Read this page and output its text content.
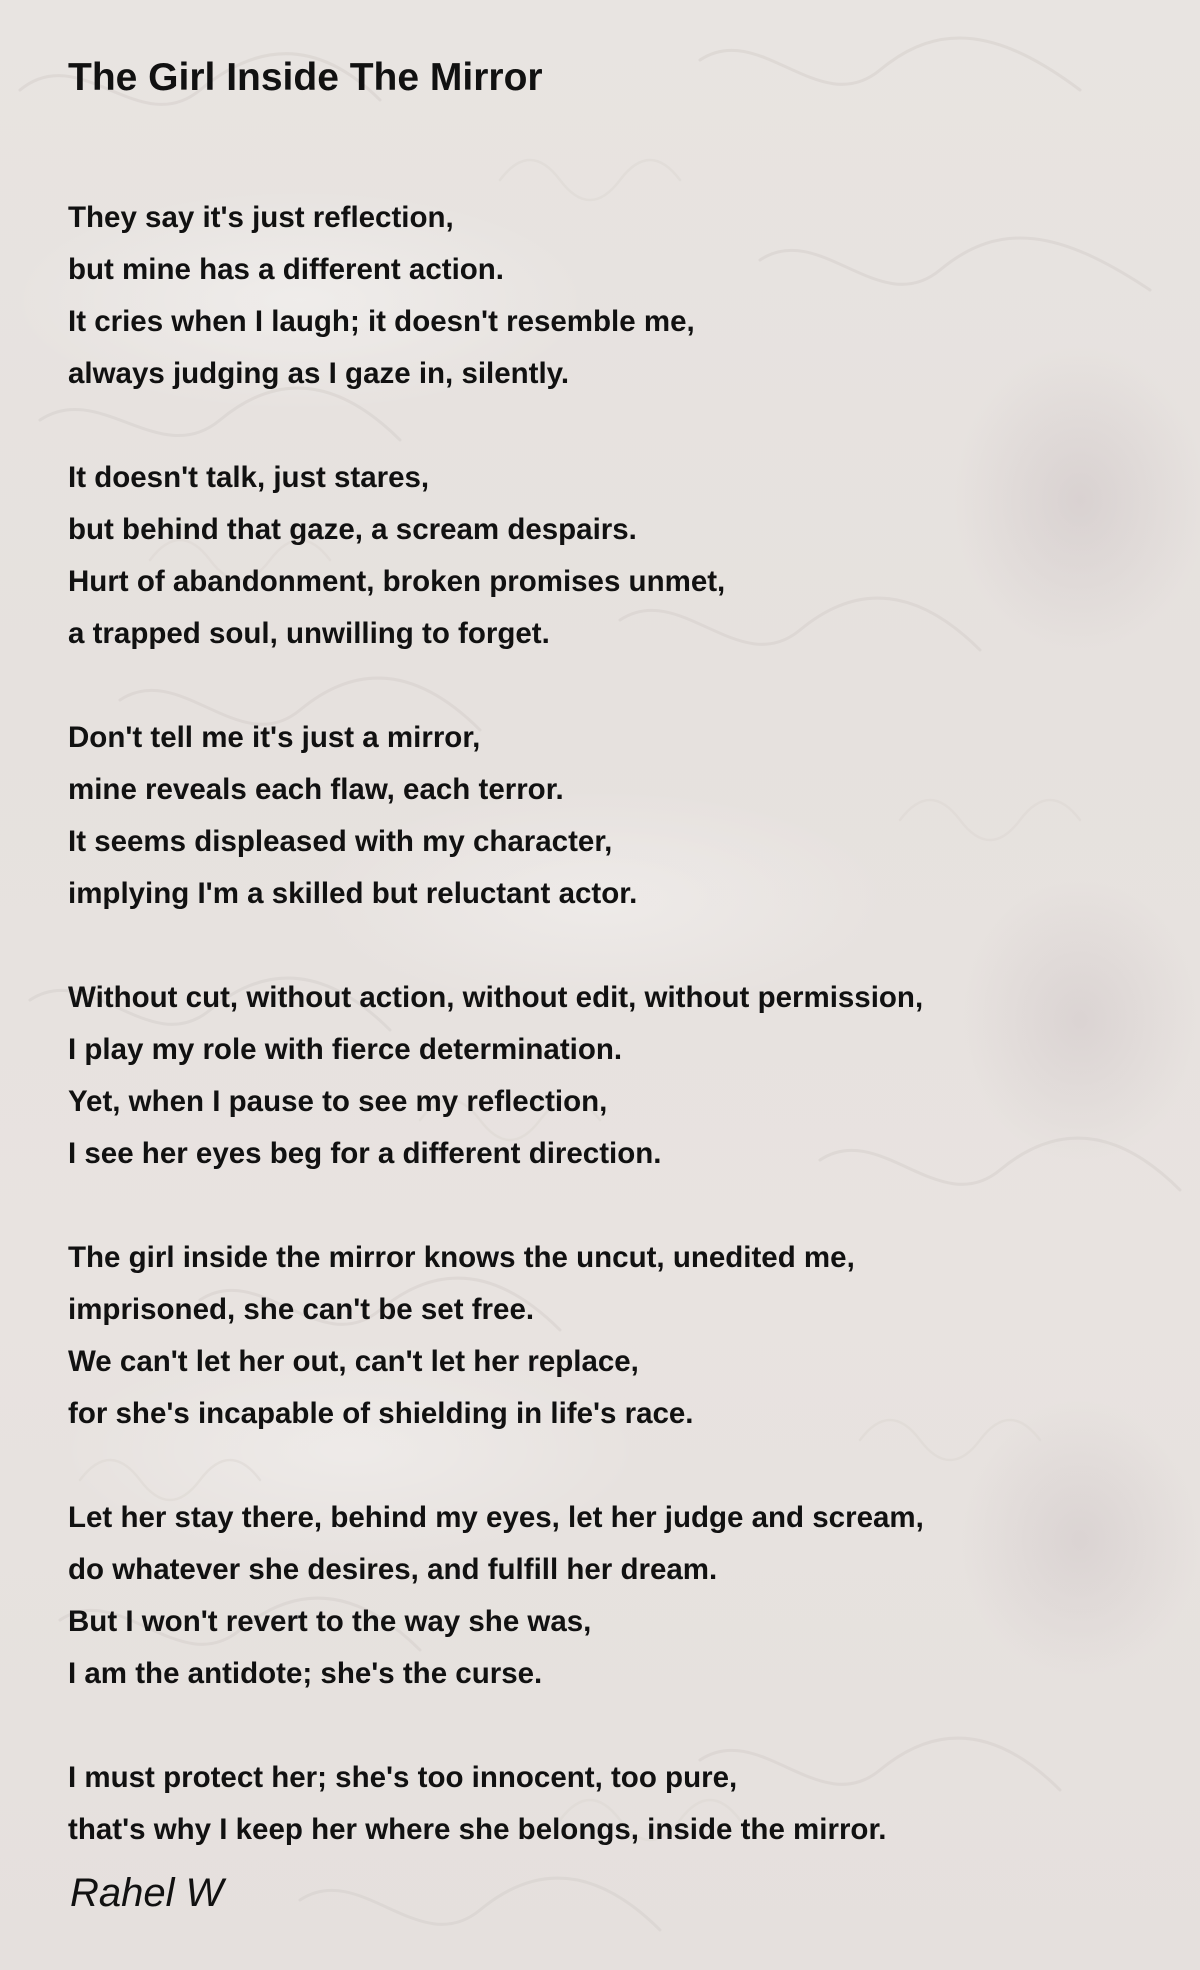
The Girl Inside The Mirror
They say it's just reflection,
but mine has a different action.
It cries when I laugh; it doesn't resemble me,
always judging as I gaze in, silently.
It doesn't talk, just stares,
but behind that gaze, a scream despairs.
Hurt of abandonment, broken promises unmet,
a trapped soul, unwilling to forget.
Don't tell me it's just a mirror,
mine reveals each flaw, each terror.
It seems displeased with my character,
implying I'm a skilled but reluctant actor.
Without cut, without action, without edit, without permission,
I play my role with fierce determination.
Yet, when I pause to see my reflection,
I see her eyes beg for a different direction.
The girl inside the mirror knows the uncut, unedited me,
imprisoned, she can't be set free.
We can't let her out, can't let her replace,
for she's incapable of shielding in life's race.
Let her stay there, behind my eyes, let her judge and scream,
do whatever she desires, and fulfill her dream.
But I won't revert to the way she was,
I am the antidote; she's the curse.
I must protect her; she's too innocent, too pure,
that's why I keep her where she belongs, inside the mirror.
Rahel W
